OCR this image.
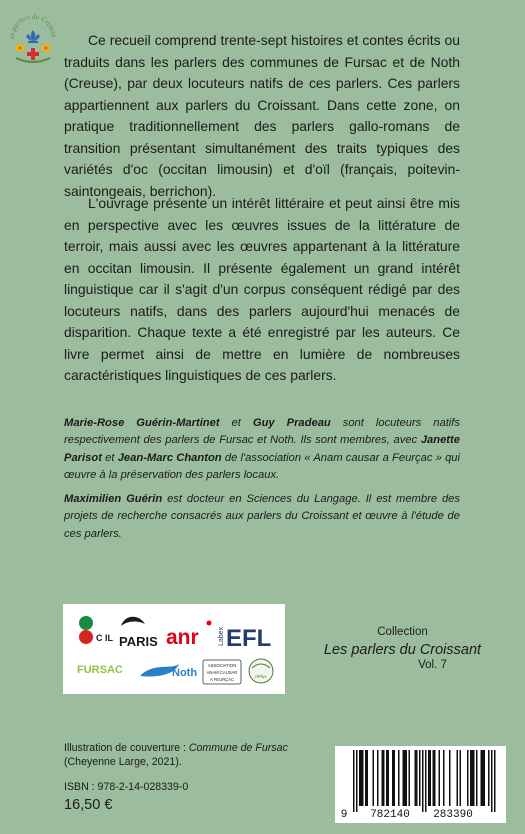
es parlers du Croissa	Ce recueil comprend trente-sept histoires et contes écrits ou traduits dans les parlers des communes de Fursac et de Noth (Creuse), par deux locuteurs natifs de ces parlers. Ces parlers appartiennent aux parlers du Croissant. Dans cette zone, on pratique traditionnellement des parlers gallo-romans de transition présentant simultanément des traits typiques des variétés d'oc (occitan limousin) et d'oïl (français, poitevin-saintongeais, berrichon).

L'ouvrage présente un intérêt littéraire et peut ainsi être mis en perspective avec les œuvres issues de la littérature de terroir, mais aussi avec les œuvres appartenant à la littérature en occitan limousin. Il présente également un grand intérêt linguistique car il s'agit d'un corpus conséquent rédigé par des locuteurs natifs, dans des parlers aujourd'hui menacés de disparition. Chaque texte a été enregistré par les auteurs. Ce livre permet ainsi de mettre en lumière de nombreuses caractéristiques linguistiques de ces parlers.

Marie-Rose Guérin-Martinet et Guy Pradeau sont locuteurs natifs respectivement des parlers de Fursac et Noth. Ils sont membres, avec Janette Parisot et Jean-Marc Chanton de l'association « Anam causar a Feurçac » qui œuvre à la préservation des parlers locaux.

Maximilien Guérin est docteur en Sciences du Langage. Il est membre des projets de recherche consacrés aux parlers du Croissant et œuvre à l'étude de ces parlers.

C IL PARIS anr	Labex EFL
FURSAC	Noth
ASSOCIATION
ANAM CAUSAR
A FEURÇAC
nPlus
Collection
Les parlers du Croissant
Vol. 7
Illustration de couverture : Commune de Fursac
(Cheyenne Large, 2021).
ISBN : 978-2-14-028339-0
16,50 €
9 782140 283390
